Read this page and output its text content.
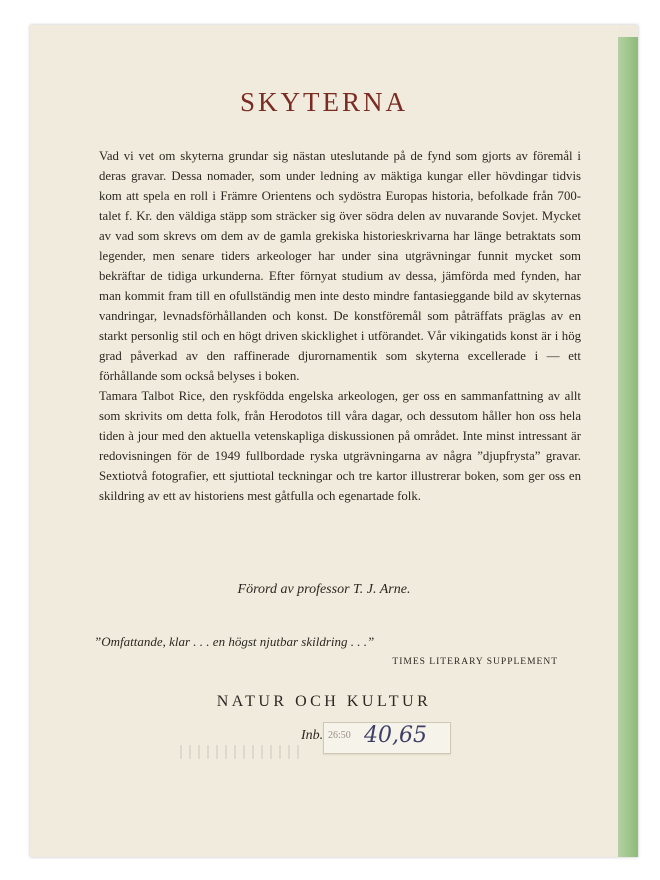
SKYTERNA

Vad vi vet om skyterna grundar sig nästan uteslutande på de fynd som gjorts av föremål i deras gravar. Dessa nomader, som under ledning av mäktiga kungar eller hövdingar tidvis kom att spela en roll i Främre Orientens och sydöstra Europas historia, befolkade från 700-talet f. Kr. den väldiga stäpp som sträcker sig över södra delen av nuvarande Sovjet. Mycket av vad som skrevs om dem av de gamla grekiska historieskrivarna har länge betraktats som legender, men senare tiders arkeologer har under sina utgrävningar funnit mycket som bekräftar de tidiga urkunderna. Efter förnyat studium av dessa, jämförda med fynden, har man kommit fram till en ofullständig men inte desto mindre fantasieggande bild av skyternas vandringar, levnadsförhållanden och konst. De konstföremål som påträffats präglas av en starkt personlig stil och en högt driven skicklighet i utförandet. Vår vikingatids konst är i hög grad påverkad av den raffinerade djurornamentik som skyterna excellerade i — ett förhållande som också belyses i boken.

Tamara Talbot Rice, den ryskfödda engelska arkeologen, ger oss en sammanfattning av allt som skrivits om detta folk, från Herodotos till våra dagar, och dessutom håller hon oss hela tiden à jour med den aktuella vetenskapliga diskussionen på området. Inte minst intressant är redovisningen för de 1949 fullbordade ryska utgrävningarna av några ”djupfrysta” gravar. Sextiotvå fotografier, ett sjuttiotal teckningar och tre kartor illustrerar boken, som ger oss en skildring av ett av historiens mest gåtfulla och egenartade folk.

Förord av professor T. J. Arne.
”Omfattande, klar . . . en högst njutbar skildring . . .”
TIMES LITERARY SUPPLEMENT
NATUR OCH KULTUR
Inb. 26:50 40,65
